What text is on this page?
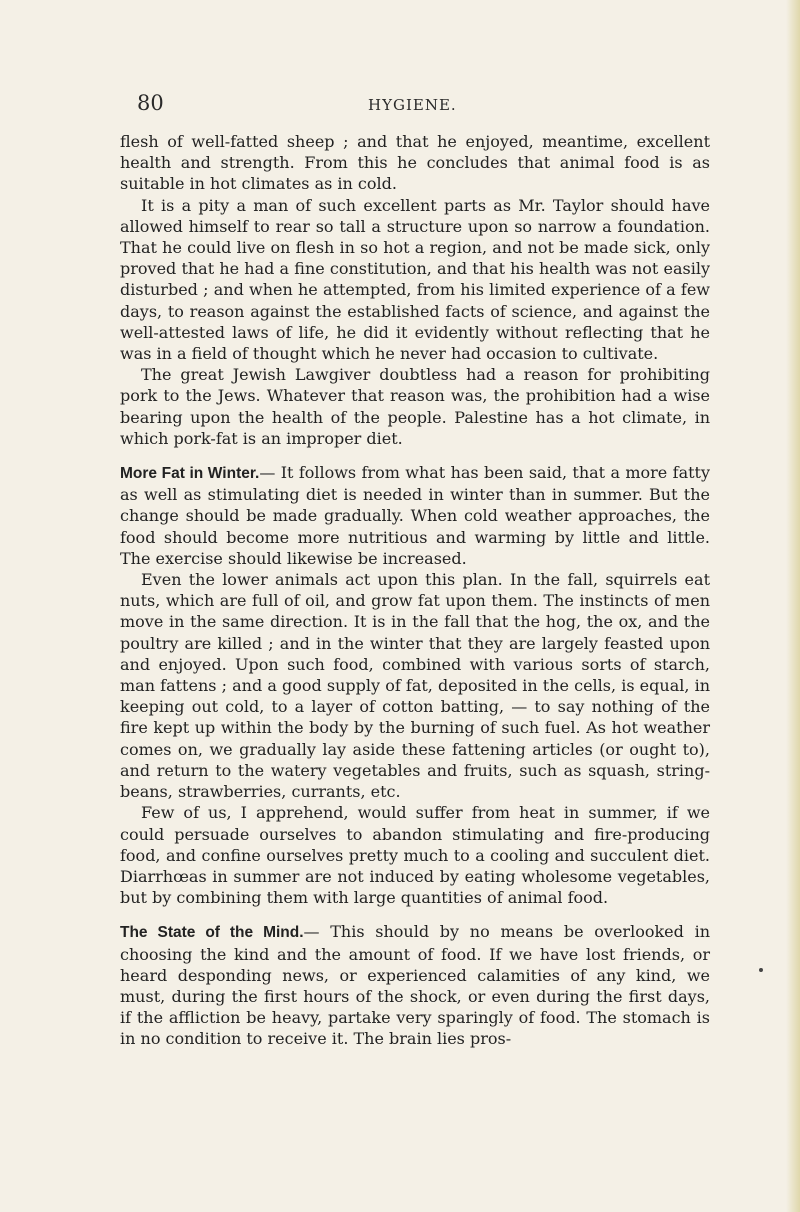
80	HYGIENE.

flesh of well-fatted sheep ; and that he enjoyed, meantime, excellent health and strength. From this he concludes that animal food is as suitable in hot climates as in cold.

It is a pity a man of such excellent parts as Mr. Taylor should have allowed himself to rear so tall a structure upon so narrow a foundation. That he could live on flesh in so hot a region, and not be made sick, only proved that he had a fine constitution, and that his health was not easily disturbed ; and when he attempted, from his limited experience of a few days, to reason against the established facts of science, and against the well-attested laws of life, he did it evidently without reflecting that he was in a field of thought which he never had occasion to cultivate.

The great Jewish Lawgiver doubtless had a reason for prohibiting pork to the Jews. Whatever that reason was, the prohibition had a wise bearing upon the health of the people. Palestine has a hot climate, in which pork-fat is an improper diet.

More Fat in Winter.— It follows from what has been said, that a more fatty as well as stimulating diet is needed in winter than in summer. But the change should be made gradually. When cold weather approaches, the food should become more nutritious and warming by little and little. The exercise should likewise be increased.

Even the lower animals act upon this plan. In the fall, squirrels eat nuts, which are full of oil, and grow fat upon them. The instincts of men move in the same direction. It is in the fall that the hog, the ox, and the poultry are killed ; and in the winter that they are largely feasted upon and enjoyed. Upon such food, combined with various sorts of starch, man fattens ; and a good supply of fat, deposited in the cells, is equal, in keeping out cold, to a layer of cotton batting, — to say nothing of the fire kept up within the body by the burning of such fuel. As hot weather comes on, we gradually lay aside these fattening articles (or ought to), and return to the watery vegetables and fruits, such as squash, string-beans, strawberries, currants, etc.

Few of us, I apprehend, would suffer from heat in summer, if we could persuade ourselves to abandon stimulating and fire-producing food, and confine ourselves pretty much to a cooling and succulent diet. Diarrhœas in summer are not induced by eating wholesome vegetables, but by combining them with large quantities of animal food.

The State of the Mind.— This should by no means be overlooked in choosing the kind and the amount of food. If we have lost friends, or heard desponding news, or experienced calamities of any kind, we must, during the first hours of the shock, or even during the first days, if the affliction be heavy, partake very sparingly of food. The stomach is in no condition to receive it. The brain lies pros-
